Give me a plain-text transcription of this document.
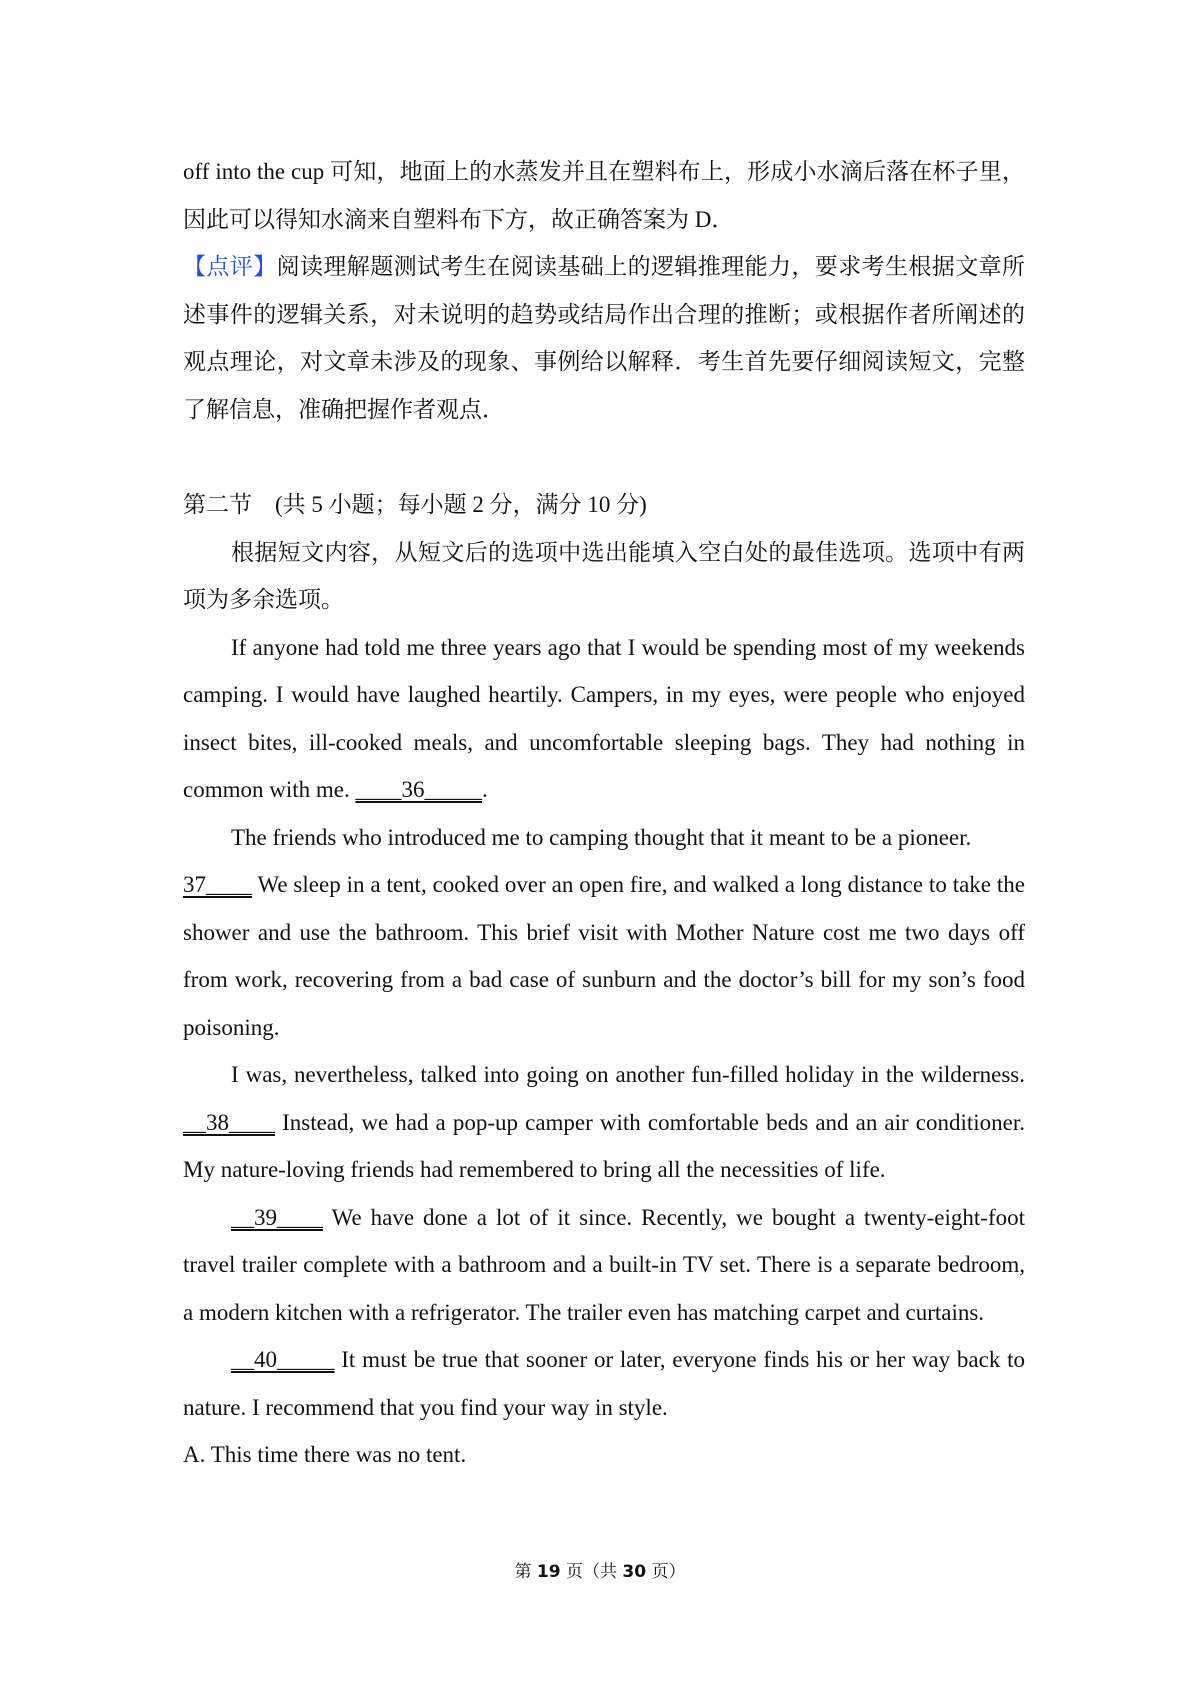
off into the cup 可知，地面上的水蒸发并且在塑料布上，形成小水滴后落在杯子里，因此可以得知水滴来自塑料布下方，故正确答案为 D．

【点评】阅读理解题测试考生在阅读基础上的逻辑推理能力，要求考生根据文章所述事件的逻辑关系，对未说明的趋势或结局作出合理的推断；或根据作者所阐述的观点理论，对文章未涉及的现象、事例给以解释．考生首先要仔细阅读短文，完整了解信息，准确把握作者观点．

第二节　(共 5 小题；每小题 2 分，满分 10 分)

根据短文内容，从短文后的选项中选出能填入空白处的最佳选项。选项中有两项为多余选项。

If anyone had told me three years ago that I would be spending most of my weekends camping. I would have laughed heartily. Campers, in my eyes, were people who enjoyed insect bites, ill-cooked meals, and uncomfortable sleeping bags. They had nothing in common with me. ____36_____.

The friends who introduced me to camping thought that it meant to be a pioneer.

37____ We sleep in a tent, cooked over an open fire, and walked a long distance to take the shower and use the bathroom. This brief visit with Mother Nature cost me two days off from work, recovering from a bad case of sunburn and the doctor’s bill for my son’s food poisoning.

I was, nevertheless, talked into going on another fun-filled holiday in the wilderness. __38____ Instead, we had a pop-up camper with comfortable beds and an air conditioner. My nature-loving friends had remembered to bring all the necessities of life.

__39____ We have done a lot of it since. Recently, we bought a twenty-eight-foot travel trailer complete with a bathroom and a built-in TV set. There is a separate bedroom, a modern kitchen with a refrigerator. The trailer even has matching carpet and curtains.

__40_____ It must be true that sooner or later, everyone finds his or her way back to nature. I recommend that you find your way in style.

A. This time there was no tent.

第 19 页（共 30 页）
